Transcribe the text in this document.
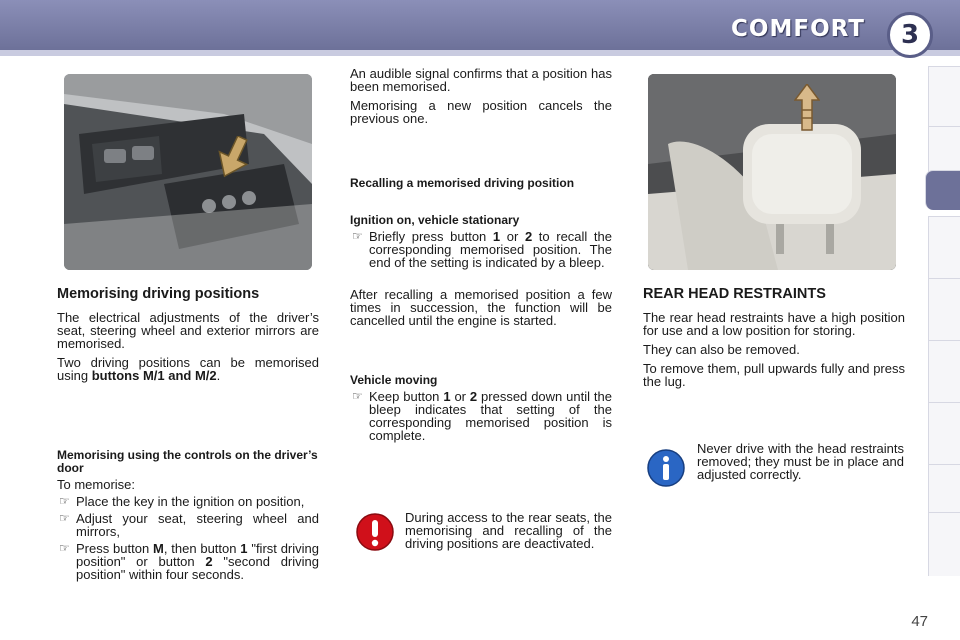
COMFORT	3
Memorising driving positions

The electrical adjustments of the driver’s seat, steering wheel and exterior mirrors are memorised.

Two driving positions can be memorised using buttons M/1 and M/2.

Memorising using the controls on the driver’s door
To memorise:
☞ Place the key in the ignition on position,
☞ Adjust your seat, steering wheel and mirrors,
☞ Press button M, then button 1 "first driving position" or button 2 "second driving position" within four seconds.

An audible signal confirms that a position has been memorised.

Memorising a new position cancels the previous one.

Recalling a memorised driving position
Ignition on, vehicle stationary
☞ Briefly press button 1 or 2 to recall the corresponding memorised position. The end of the setting is indicated by a bleep.
After recalling a memorised position a few times in succession, the function will be cancelled until the engine is started.
Vehicle moving
☞ Keep button 1 or 2 pressed down until the bleep indicates that setting of the corresponding memorised position is complete.
During access to the rear seats, the memorising and recalling of the driving positions are deactivated.
REAR HEAD RESTRAINTS

The rear head restraints have a high position for use and a low position for storing.

They can also be removed.

To remove them, pull upwards fully and press the lug.

Never drive with the head restraints removed; they must be in place and adjusted correctly.
47
